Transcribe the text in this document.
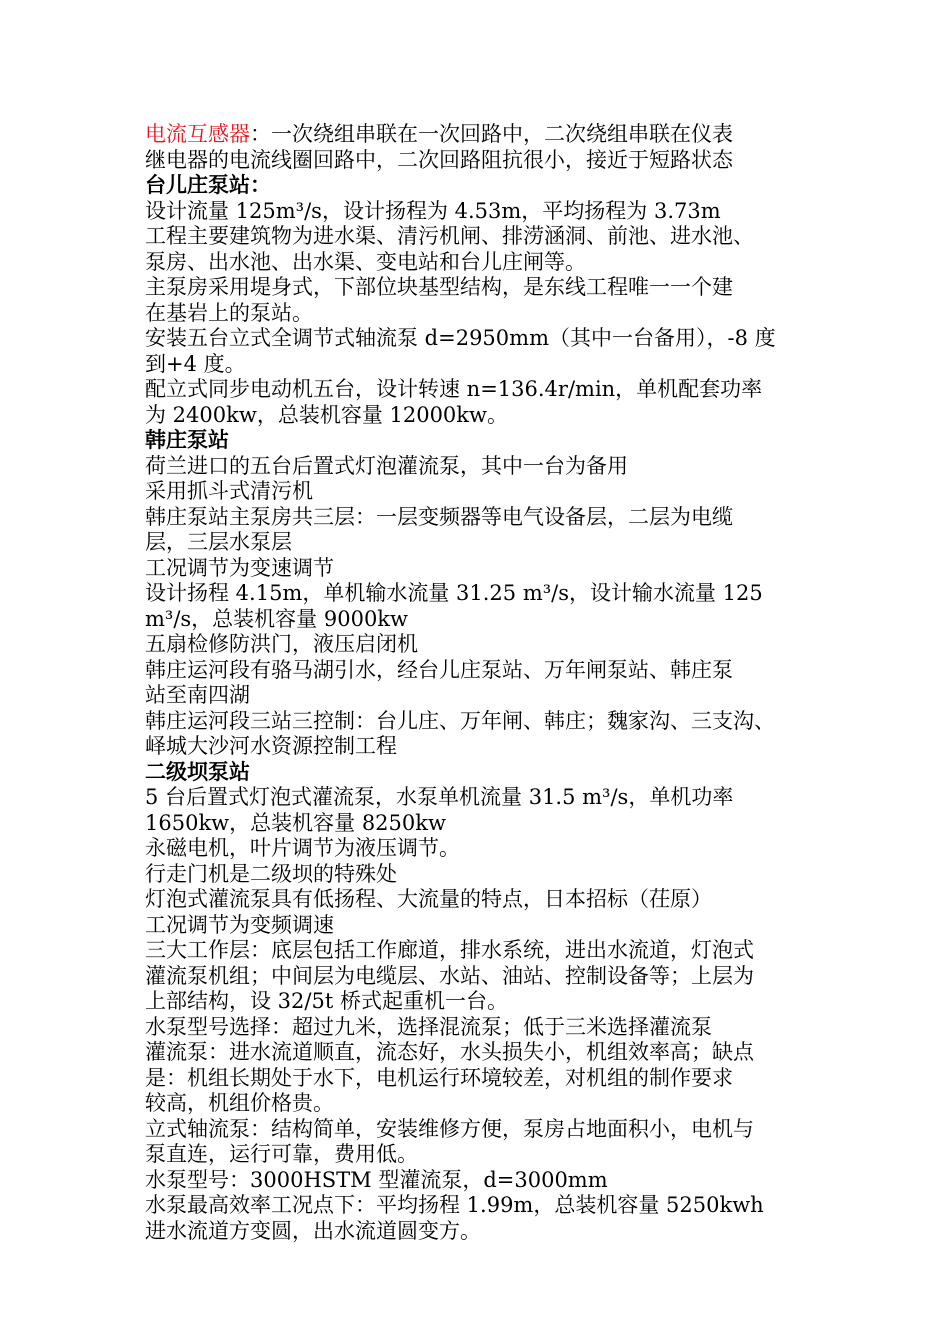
电流互感器：一次绕组串联在一次回路中，二次绕组串联在仪表
继电器的电流线圈回路中，二次回路阻抗很小，接近于短路状态
台儿庄泵站：
设计流量 125m³/s，设计扬程为 4.53m，平均扬程为 3.73m
工程主要建筑物为进水渠、清污机闸、排涝涵洞、前池、进水池、
泵房、出水池、出水渠、变电站和台儿庄闸等。
主泵房采用堤身式，下部位块基型结构，是东线工程唯一一个建
在基岩上的泵站。
安装五台立式全调节式轴流泵 d=2950mm（其中一台备用），-8 度
到+4 度。
配立式同步电动机五台，设计转速 n=136.4r/min，单机配套功率
为 2400kw，总装机容量 12000kw。
韩庄泵站
荷兰进口的五台后置式灯泡灌流泵，其中一台为备用
采用抓斗式清污机
韩庄泵站主泵房共三层：一层变频器等电气设备层，二层为电缆
层，三层水泵层
工况调节为变速调节
设计扬程 4.15m，单机输水流量 31.25 m³/s，设计输水流量 125
m³/s，总装机容量 9000kw
五扇检修防洪门，液压启闭机
韩庄运河段有骆马湖引水，经台儿庄泵站、万年闸泵站、韩庄泵
站至南四湖
韩庄运河段三站三控制：台儿庄、万年闸、韩庄；魏家沟、三支沟、
峄城大沙河水资源控制工程
二级坝泵站
5 台后置式灯泡式灌流泵，水泵单机流量 31.5 m³/s，单机功率
1650kw，总装机容量 8250kw
永磁电机，叶片调节为液压调节。
行走门机是二级坝的特殊处
灯泡式灌流泵具有低扬程、大流量的特点，日本招标（茌原）
工况调节为变频调速
三大工作层：底层包括工作廊道，排水系统，进出水流道，灯泡式
灌流泵机组；中间层为电缆层、水站、油站、控制设备等；上层为
上部结构，设 32/5t 桥式起重机一台。
水泵型号选择：超过九米，选择混流泵；低于三米选择灌流泵
灌流泵：进水流道顺直，流态好，水头损失小，机组效率高；缺点
是：机组长期处于水下，电机运行环境较差，对机组的制作要求
较高，机组价格贵。
立式轴流泵：结构简单，安装维修方便，泵房占地面积小，电机与
泵直连，运行可靠，费用低。
水泵型号：3000HSTM 型灌流泵，d=3000mm
水泵最高效率工况点下：平均扬程 1.99m，总装机容量 5250kwh
进水流道方变圆，出水流道圆变方。
